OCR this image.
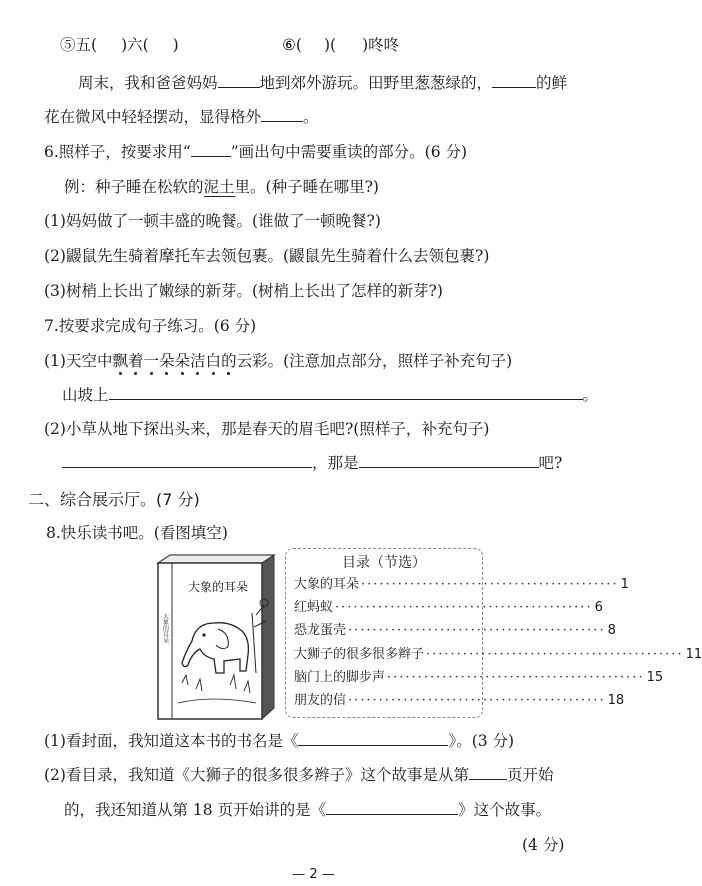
⑤五( )六( )	⑥( )( )咚咚
周末，我和爸爸妈妈	地到郊外游玩。田野里葱葱绿的，	的鲜
花在微风中轻轻摆动，显得格外	。
6.照样子，按要求用“	”画出句中需要重读的部分。(6 分)
例：种子睡在松软的泥土里。(种子睡在哪里?)
(1)妈妈做了一顿丰盛的晚餐。(谁做了一顿晚餐?)
(2)鼹鼠先生骑着摩托车去领包裹。(鼹鼠先生骑着什么去领包裹?)
(3)树梢上长出了嫩绿的新芽。(树梢上长出了怎样的新芽?)
7.按要求完成句子练习。(6 分)
(1)天空中飘着一朵朵洁白的云彩。(注意加点部分，照样子补充句子)
山坡上	。
(2)小草从地下探出头来，那是春天的眉毛吧?(照样子，补充句子)
，那是	吧?
二、综合展示厅。(7 分)
8.快乐读书吧。(看图填空)
大象的耳朵
大象的耳朵
目录（节选）
大象的耳朵 ·········································· 1
红蚂蚁 ·········································· 6
恐龙蛋壳 ·········································· 8
大狮子的很多很多辫子 ·········································· 11
脑门上的脚步声 ·········································· 15
朋友的信 ·········································· 18
(1)看封面，我知道这本书的书名是《	》。(3 分)
(2)看目录，我知道《大狮子的很多很多辫子》这个故事是从第 页开始
的，我还知道从第 18 页开始讲的是《	》这个故事。
(4 分)
— 2 —
